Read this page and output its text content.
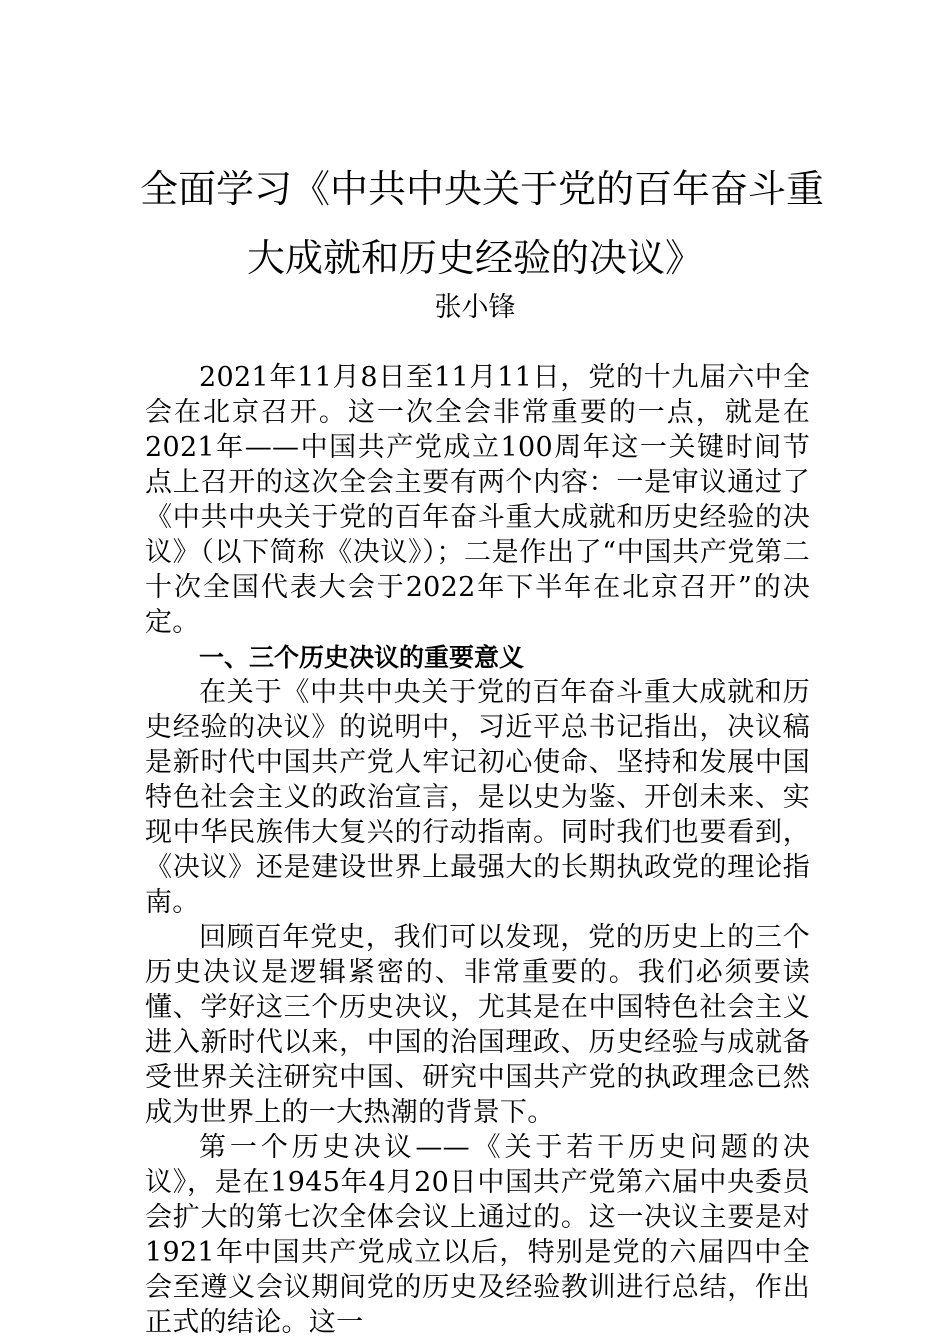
全面学习《中共中央关于党的百年奋斗重
大成就和历史经验的决议》
张小锋

2021年11月8日至11月11日，党的十九届六中全会在北京召开。这一次全会非常重要的一点，就是在2021年——中国共产党成立100周年这一关键时间节点上召开的这次全会主要有两个内容：一是审议通过了《中共中央关于党的百年奋斗重大成就和历史经验的决议》（以下简称《决议》）；二是作出了“中国共产党第二十次全国代表大会于2022年下半年在北京召开”的决定。

一、三个历史决议的重要意义

在关于《中共中央关于党的百年奋斗重大成就和历史经验的决议》的说明中，习近平总书记指出，决议稿是新时代中国共产党人牢记初心使命、坚持和发展中国特色社会主义的政治宣言，是以史为鉴、开创未来、实现中华民族伟大复兴的行动指南。同时我们也要看到，《决议》还是建设世界上最强大的长期执政党的理论指南。

回顾百年党史，我们可以发现，党的历史上的三个历史决议是逻辑紧密的、非常重要的。我们必须要读懂、学好这三个历史决议，尤其是在中国特色社会主义进入新时代以来，中国的治国理政、历史经验与成就备受世界关注研究中国、研究中国共产党的执政理念已然成为世界上的一大热潮的背景下。

第一个历史决议——《关于若干历史问题的决议》，是在1945年4月20日中国共产党第六届中央委员会扩大的第七次全体会议上通过的。这一决议主要是对1921年中国共产党成立以后，特别是党的六届四中全会至遵义会议期间党的历史及经验教训进行总结，作出正式的结论。这一
